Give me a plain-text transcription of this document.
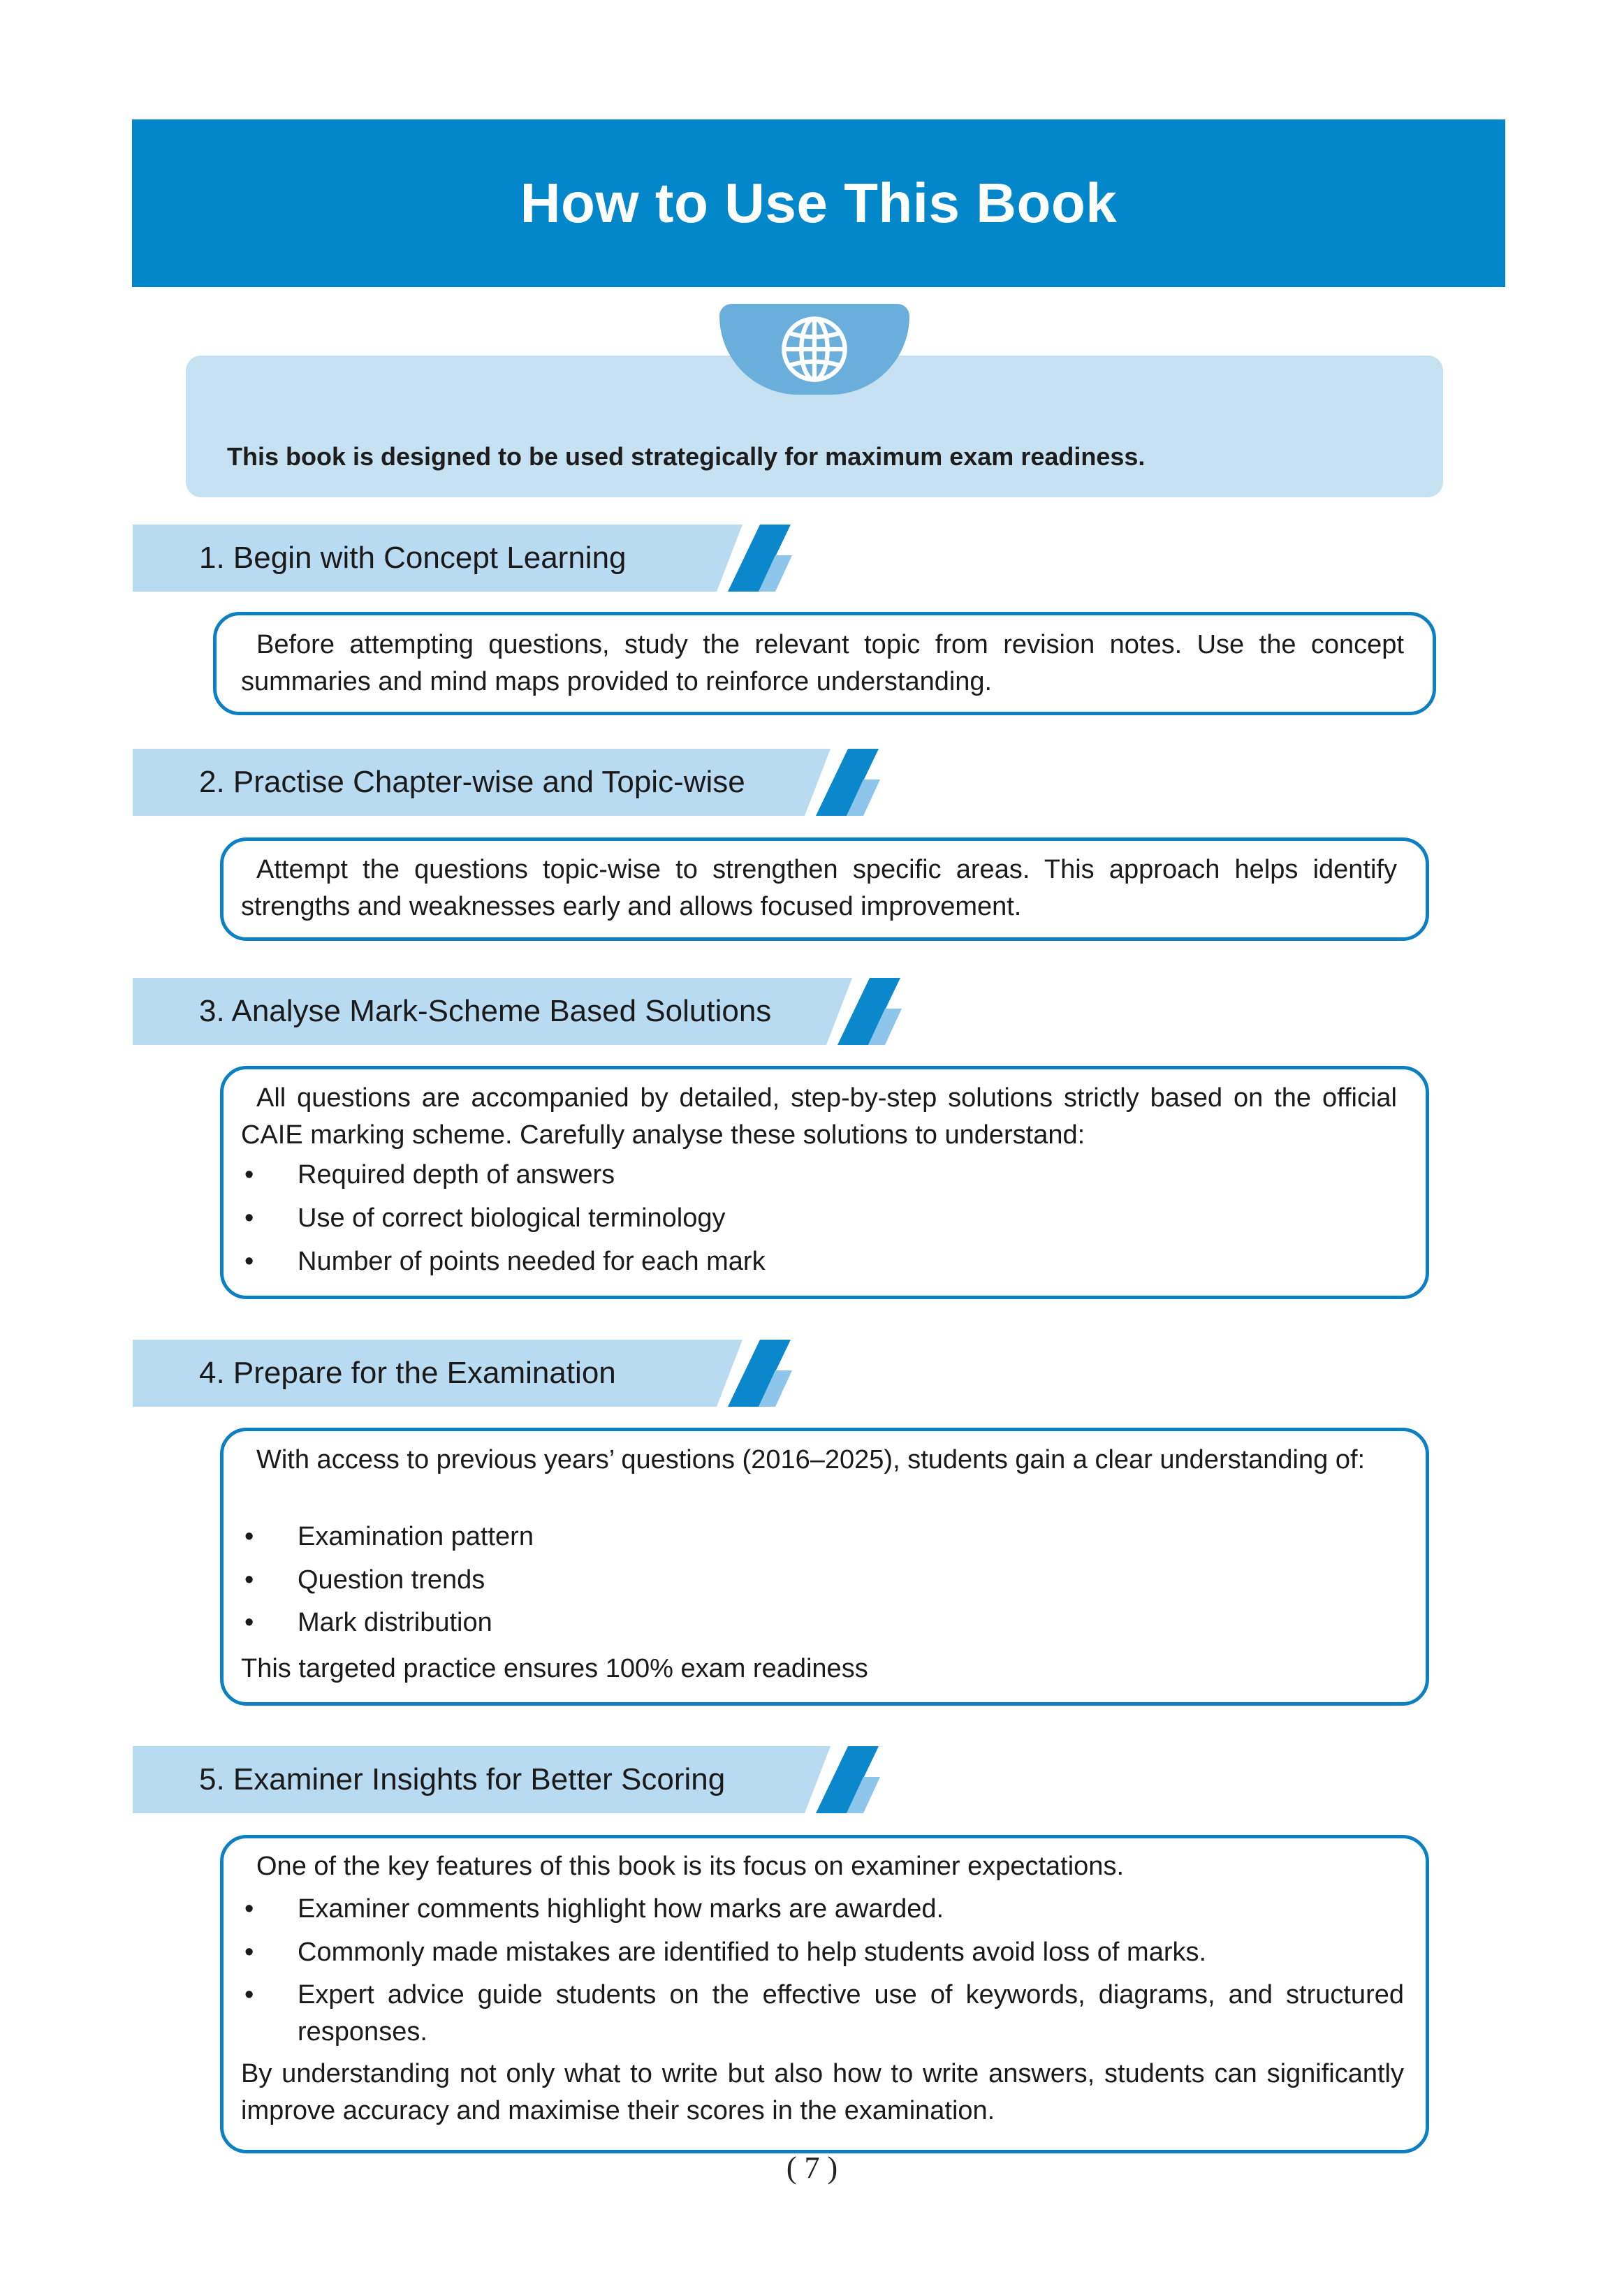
How to Use This Book
This book is designed to be used strategically for maximum exam readiness.
1. Begin with Concept Learning
Before attempting questions, study the relevant topic from revision notes. Use the concept summaries and mind maps provided to reinforce understanding.
2. Practise Chapter-wise and Topic-wise
Attempt the questions topic-wise to strengthen specific areas. This approach helps identify strengths and weaknesses early and allows focused improvement.
3. Analyse Mark-Scheme Based Solutions
All questions are accompanied by detailed, step-by-step solutions strictly based on the official CAIE marking scheme. Carefully analyse these solutions to understand:
•	Required depth of answers
•	Use of correct biological terminology
•	Number of points needed for each mark
4. Prepare for the Examination
With access to previous years’ questions (2016–2025), students gain a clear understanding of:
•	Examination pattern
•	Question trends
•	Mark distribution
This targeted practice ensures 100% exam readiness
5. Examiner Insights for Better Scoring
One of the key features of this book is its focus on examiner expectations.
•	Examiner comments highlight how marks are awarded.
•	Commonly made mistakes are identified to help students avoid loss of marks.
•	Expert advice guide students on the effective use of keywords, diagrams, and structured responses.
By understanding not only what to write but also how to write answers, students can significantly improve accuracy and maximise their scores in the examination.
( 7 )
